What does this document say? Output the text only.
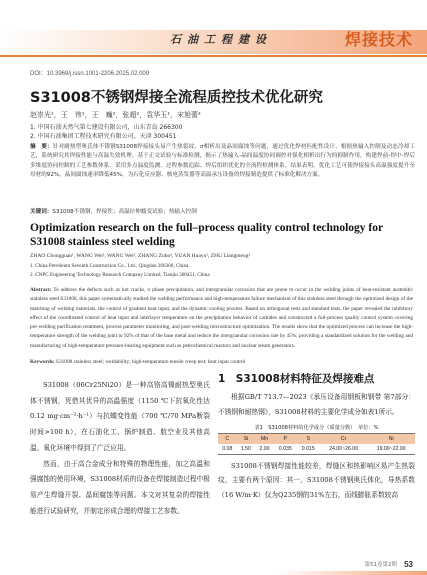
石油工程建设	焊接技术
DOI：10.3969/j.issn.1001-2206.2025.02.009
S31008不锈钢焊接全流程质控技术优化研究
赵崇光¹，王　伟¹，王　巍²，张超²，袁华玉¹，宋旭蕾²
1. 中国石油天然气第七建设有限公司，山东青岛 266300
2. 中国石油集团工程技术研究有限公司，天津 300451

摘　要：针对耐热型奥氏体不锈钢S31008焊接接头易产生热裂纹、σ相析出及晶间腐蚀等问题，通过优化焊材匹配性设计、根据热输入控制及动态冷却工艺，系统研究其焊接性能与高温失效机理。基于正交试验与标准检测，揭示了热输入-晶间温度协同调控对强化相析出行为的抑制作用，构建焊前-焊中-焊后多维度协同控制的工艺参数体系，采用多点温度监测、过程参数追踪、焊后组织优化的全流程检测体系。结果表明，优化工艺可使焊接接头高温强度提升至母材的92%，晶间腐蚀速率降低45%，为石化反应器、核电蒸发器等高温承压设备的焊接制造提供了标准化解决方案。

关键词：S31008不锈钢；焊接性；高温拉伸蠕变试验；热输入控制
Optimization research on the full–process quality control technology for S31008 stainless steel welding
ZHAO Chongguan¹, WANG Wei¹, WANG Wei², ZHANG Zuho², YUAN Huayu¹, ZHU Liangmeng²
1. China Petroleum Seventh Construction Co., Ltd., Qingdao 266300, China
2. CNPC Engineering Technology Research Company Limited, Tianjin 300451, China

Abstract: To address the defects such as hot cracks, σ phase precipitation, and intergranular corrosion that are prone to occur in the welding joints of heat-resistant austenitic stainless steel S31008, this paper systematically studied the welding performance and high-temperature failure mechanism of this stainless steel through the optimized design of the matching of welding materials, the control of gradient heat input, and the dynamic cooling process. Based on orthogonal tests and standard tests, the paper revealed the inhibitory effect of the coordinated control of heat input and interlayer temperature on the precipitation behavior of carbides and constructed a full-process quality control system covering pre-welding purification treatment, process parameter monitoring, and post-welding microstructure optimization. The results show that the optimized process can increase the high-temperature strength of the welding joint to 92% of that of the base metal and reduce the intergranular corrosion rate by 45%, providing a standardized solution for the welding and manufacturing of high-temperature pressure-bearing equipment such as petrochemical reactors and nuclear steam generators.

Keywords: S31008 stainless steel; weldability; high-temperature tensile creep test; heat input control

S31008（06Cr25Ni20）是一种高铬高镍耐热型奥氏体不锈钢，凭借其优异的高温强度（1150 ℃下抗氧化性达0.12 mg·cm⁻²·h⁻¹）与抗蠕变性能（700 ℃/70 MPa断裂时间>100 h），在石油化工、锅炉制造、航空业及其他高温、氧化环境中得到了广泛应用。

然而，由于高合金成分和特殊的物理性能，加之高温和强腐蚀的使用环境，S31008材质的设备在焊接制造过程中极易产生焊缝开裂、晶间腐蚀等问题。本文对其复杂的焊接性能进行试验研究，并制定形成合理的焊接工艺参数。

1　S31008材料特征及焊接难点

根据GB/T 713.7—2023《承压设备用钢板和钢带 第7部分：不锈钢和耐热钢》，S31008材料的主要化学成分如表1所示。

表1　S31008材料的化学成分（质量分数）　单位：%
C	Si	Mn	P	S	Cr	Ni
0.08	1.50	2.00	0.035	0.015	24.00~26.00	19.00~22.00

S31008不锈钢焊接性能较差，焊缝区和热影响区易产生热裂纹，主要有两个原因：其一，S31008不锈钢奥氏体化，导热系数（16 W/m·K）仅为Q235钢的31%左右，而线膨胀系数较高

第51卷第2期 53
